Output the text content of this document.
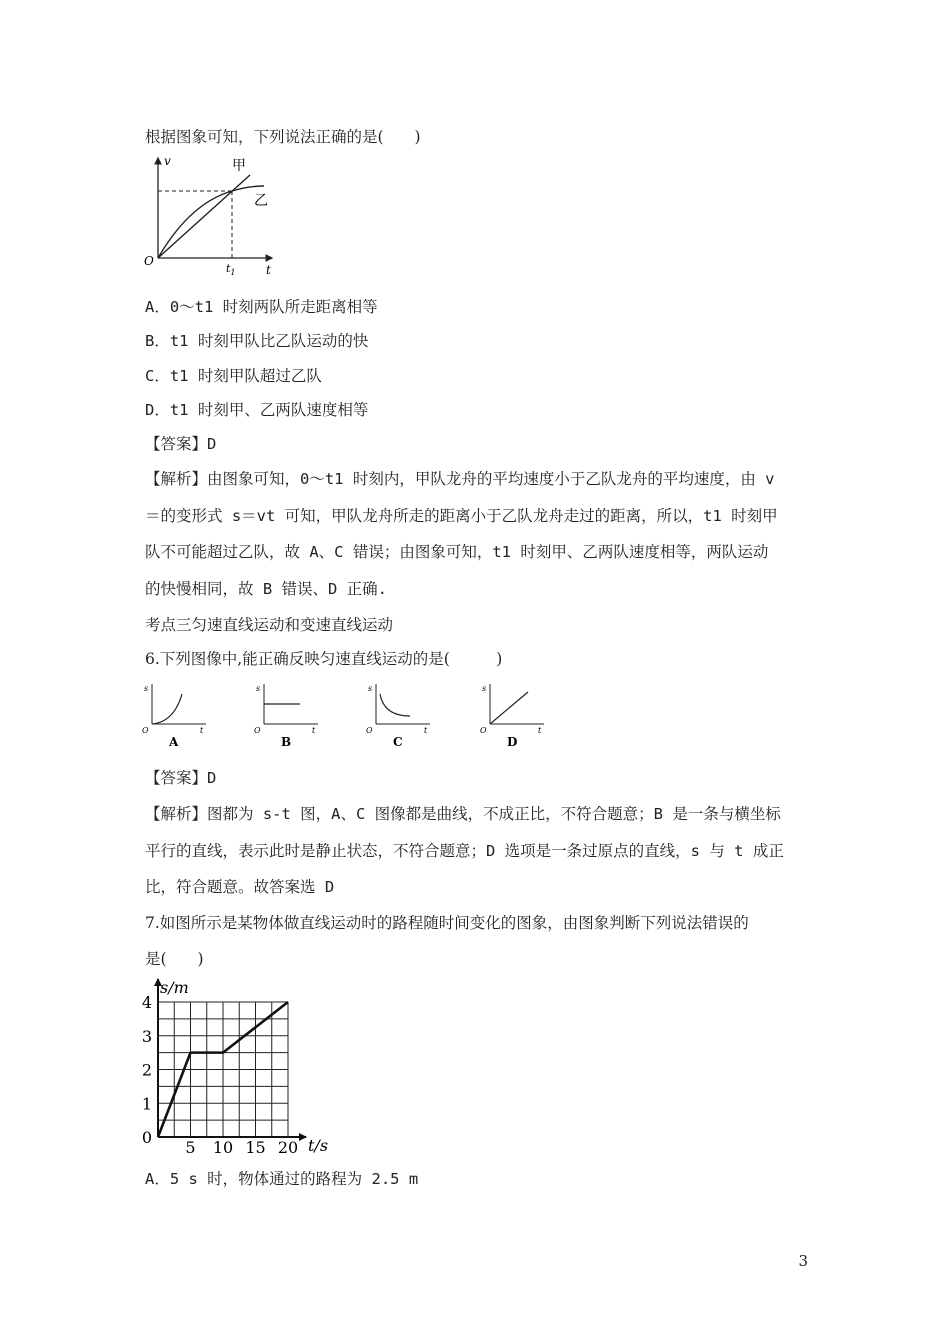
根据图象可知，下列说法正确的是(　　)
v
O
t
$t_1$
甲
乙
A．0～t1 时刻两队所走距离相等
B．t1 时刻甲队比乙队运动的快
C．t1 时刻甲队超过乙队
D．t1 时刻甲、乙两队速度相等
【答案】D
【解析】由图象可知，0～t1 时刻内，甲队龙舟的平均速度小于乙队龙舟的平均速度，由 v
＝的变形式 s＝vt 可知，甲队龙舟所走的距离小于乙队龙舟走过的距离，所以，t1 时刻甲
队不可能超过乙队，故 A、C 错误；由图象可知，t1 时刻甲、乙两队速度相等，两队运动
的快慢相同，故 B 错误、D 正确.
考点三匀速直线运动和变速直线运动
6.下列图像中,能正确反映匀速直线运动的是(　　　)
s
O	t
A
s
O	t
B
s
O	t
C
s
O	t
D
【答案】D
【解析】图都为 s-t 图，A、C 图像都是曲线，不成正比，不符合题意；B 是一条与横坐标
平行的直线，表示此时是静止状态，不符合题意；D 选项是一条过原点的直线，s 与 t 成正
比，符合题意。故答案选 D
7.如图所示是某物体做直线运动时的路程随时间变化的图象，由图象判断下列说法错误的
是(　　)
5 10 15 20
0
1
2
3
4
s/m
t/s
A．5 s 时，物体通过的路程为 2.5 m
3
